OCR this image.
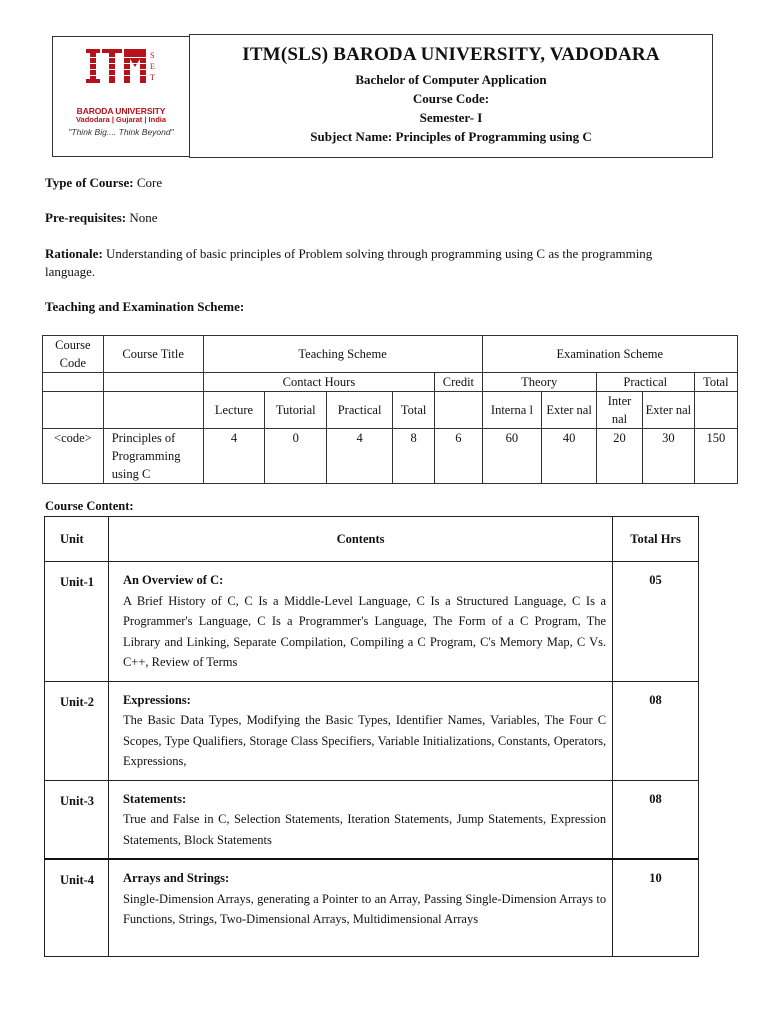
S
E
T
BARODA UNIVERSITY
Vadodara | Gujarat | India
"Think Big.... Think Beyond"
ITM(SLS) BARODA UNIVERSITY, VADODARA
Bachelor of Computer Application
Course Code:
Semester- I
Subject Name: Principles of Programming using C
Type of Course: Core
Pre-requisites: None
Rationale: Understanding of basic principles of Problem solving through programming using C as the programming language.
Teaching and Examination Scheme:
Course Code	Course Title	Teaching Scheme					Examination Scheme				
		Contact Hours				Credit	Theory		Practical		Total
		Lecture	Tutorial	Practical	Total		Interna l	Exter nal	Inter nal	Exter nal	
<code>	Principles of Programming using C	4	0	4	8	6	60	40	20	30	150
Course Content:
Unit	Contents	Total Hrs
Unit-1	An Overview of C:
A Brief History of C, C Is a Middle-Level Language, C Is a Structured Language, C Is a Programmer's Language, C Is a Programmer's Language, The Form of a C Program, The Library and Linking, Separate Compilation, Compiling a C Program, C's Memory Map, C Vs. C++, Review of Terms	05
Unit-2	Expressions:
The Basic Data Types, Modifying the Basic Types, Identifier Names, Variables, The Four C Scopes, Type Qualifiers, Storage Class Specifiers, Variable Initializations, Constants, Operators, Expressions,	08
Unit-3	Statements:
True and False in C, Selection Statements, Iteration Statements, Jump Statements, Expression Statements, Block Statements	08
Unit-4	Arrays and Strings:
Single-Dimension Arrays, generating a Pointer to an Array, Passing Single-Dimension Arrays to Functions, Strings, Two-Dimensional Arrays, Multidimensional Arrays	10
